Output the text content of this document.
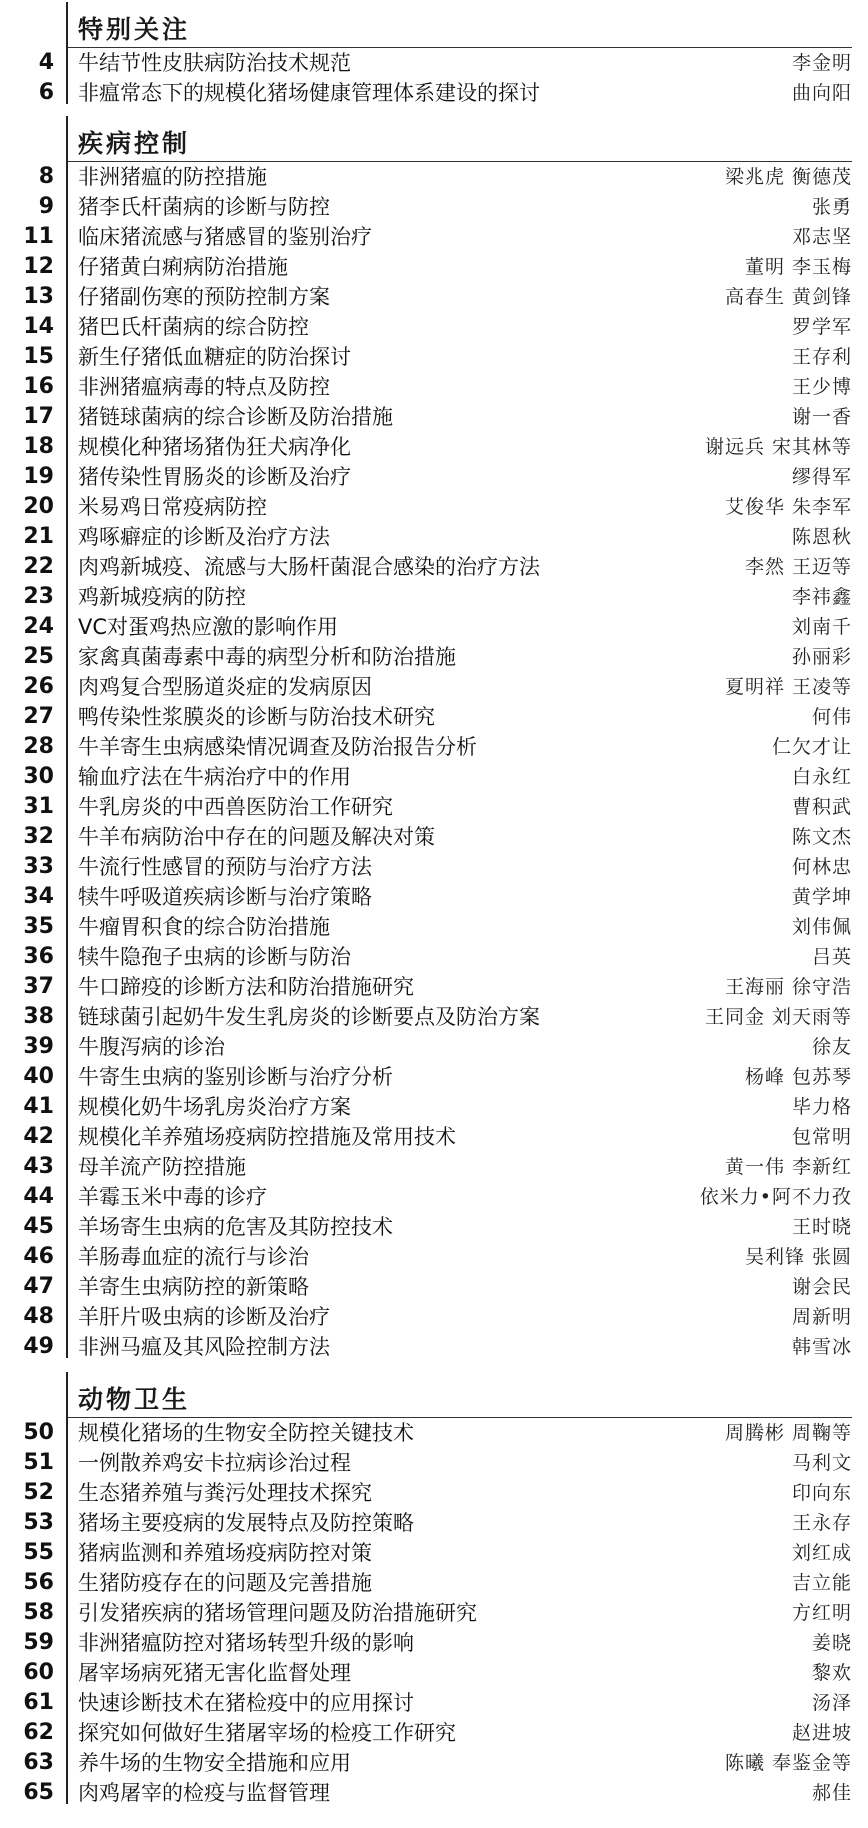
特别关注
4 牛结节性皮肤病防治技术规范	李金明
6 非瘟常态下的规模化猪场健康管理体系建设的探讨	曲向阳
疾病控制
8 非洲猪瘟的防控措施	梁兆虎 衡德茂
9 猪李氏杆菌病的诊断与防控	张勇
11 临床猪流感与猪感冒的鉴别治疗	邓志坚
12 仔猪黄白痢病防治措施	董明 李玉梅
13 仔猪副伤寒的预防控制方案	高春生 黄剑锋
14 猪巴氏杆菌病的综合防控	罗学军
15 新生仔猪低血糖症的防治探讨	王存利
16 非洲猪瘟病毒的特点及防控	王少博
17 猪链球菌病的综合诊断及防治措施	谢一香
18 规模化种猪场猪伪狂犬病净化	谢远兵 宋其林等
19 猪传染性胃肠炎的诊断及治疗	缪得军
20 米易鸡日常疫病防控	艾俊华 朱李军
21 鸡啄癖症的诊断及治疗方法	陈恩秋
22 肉鸡新城疫、流感与大肠杆菌混合感染的治疗方法	李然 王迈等
23 鸡新城疫病的防控	李祎鑫
24 VC对蛋鸡热应激的影响作用	刘南千
25 家禽真菌毒素中毒的病型分析和防治措施	孙丽彩
26 肉鸡复合型肠道炎症的发病原因	夏明祥 王凌等
27 鸭传染性浆膜炎的诊断与防治技术研究	何伟
28 牛羊寄生虫病感染情况调查及防治报告分析	仁欠才让
30 输血疗法在牛病治疗中的作用	白永红
31 牛乳房炎的中西兽医防治工作研究	曹积武
32 牛羊布病防治中存在的问题及解决对策	陈文杰
33 牛流行性感冒的预防与治疗方法	何林忠
34 犊牛呼吸道疾病诊断与治疗策略	黄学坤
35 牛瘤胃积食的综合防治措施	刘伟佩
36 犊牛隐孢子虫病的诊断与防治	吕英
37 牛口蹄疫的诊断方法和防治措施研究	王海丽 徐守浩
38 链球菌引起奶牛发生乳房炎的诊断要点及防治方案	王同金 刘天雨等
39 牛腹泻病的诊治	徐友
40 牛寄生虫病的鉴别诊断与治疗分析	杨峰 包苏琴
41 规模化奶牛场乳房炎治疗方案	毕力格
42 规模化羊养殖场疫病防控措施及常用技术	包常明
43 母羊流产防控措施	黄一伟 李新红
44 羊霉玉米中毒的诊疗	依米力•阿不力孜
45 羊场寄生虫病的危害及其防控技术	王时晓
46 羊肠毒血症的流行与诊治	吴利锋 张圆
47 羊寄生虫病防控的新策略	谢会民
48 羊肝片吸虫病的诊断及治疗	周新明
49 非洲马瘟及其风险控制方法	韩雪冰
动物卫生
50 规模化猪场的生物安全防控关键技术	周腾彬 周鞠等
51 一例散养鸡安卡拉病诊治过程	马利文
52 生态猪养殖与粪污处理技术探究	印向东
53 猪场主要疫病的发展特点及防控策略	王永存
55 猪病监测和养殖场疫病防控对策	刘红成
56 生猪防疫存在的问题及完善措施	吉立能
58 引发猪疾病的猪场管理问题及防治措施研究	方红明
59 非洲猪瘟防控对猪场转型升级的影响	姜晓
60 屠宰场病死猪无害化监督处理	黎欢
61 快速诊断技术在猪检疫中的应用探讨	汤泽
62 探究如何做好生猪屠宰场的检疫工作研究	赵进坡
63 养牛场的生物安全措施和应用	陈曦 奉鉴金等
65 肉鸡屠宰的检疫与监督管理	郝佳
